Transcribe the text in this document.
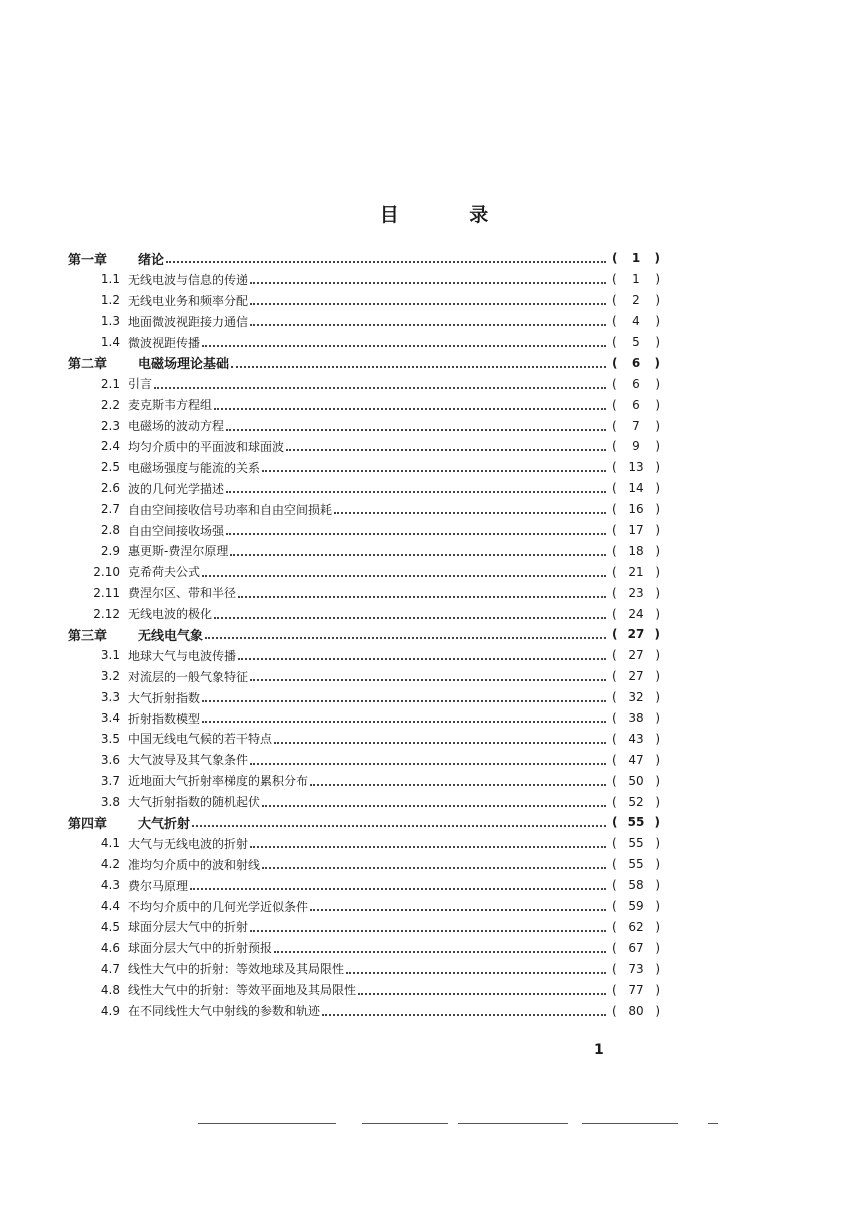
目 录
第一章	绪论	(	1	)
1.1 无线电波与信息的传递	(	1	)
1.2 无线电业务和频率分配	(	2	)
1.3 地面微波视距接力通信	(	4	)
1.4 微波视距传播	(	5	)
第二章	电磁场理论基础	(	6	)
2.1 引言	(	6	)
2.2 麦克斯韦方程组	(	6	)
2.3 电磁场的波动方程	(	7	)
2.4 均匀介质中的平面波和球面波	(	9	)
2.5 电磁场强度与能流的关系	( 13 )
2.6 波的几何光学描述	( 14 )
2.7 自由空间接收信号功率和自由空间损耗	( 16 )
2.8 自由空间接收场强	( 17 )
2.9 惠更斯-费涅尔原理	( 18 )
2.10 克希荷夫公式	( 21 )
2.11 费涅尔区、带和半径	( 23 )
2.12 无线电波的极化	( 24 )
第三章	无线电气象	( 27 )
3.1 地球大气与电波传播	( 27 )
3.2 对流层的一般气象特征	( 27 )
3.3 大气折射指数	( 32 )
3.4 折射指数模型	( 38 )
3.5 中国无线电气候的若干特点	( 43 )
3.6 大气波导及其气象条件	( 47 )
3.7 近地面大气折射率梯度的累积分布	( 50 )
3.8 大气折射指数的随机起伏	( 52 )
第四章	大气折射	( 55 )
4.1 大气与无线电波的折射	( 55 )
4.2 准均匀介质中的波和射线	( 55 )
4.3 费尔马原理	( 58 )
4.4 不均匀介质中的几何光学近似条件	( 59 )
4.5 球面分层大气中的折射	( 62 )
4.6 球面分层大气中的折射预报	( 67 )
4.7 线性大气中的折射：等效地球及其局限性	( 73 )
4.8 线性大气中的折射：等效平面地及其局限性	( 77 )
4.9 在不同线性大气中射线的参数和轨迹	( 80 )
1
